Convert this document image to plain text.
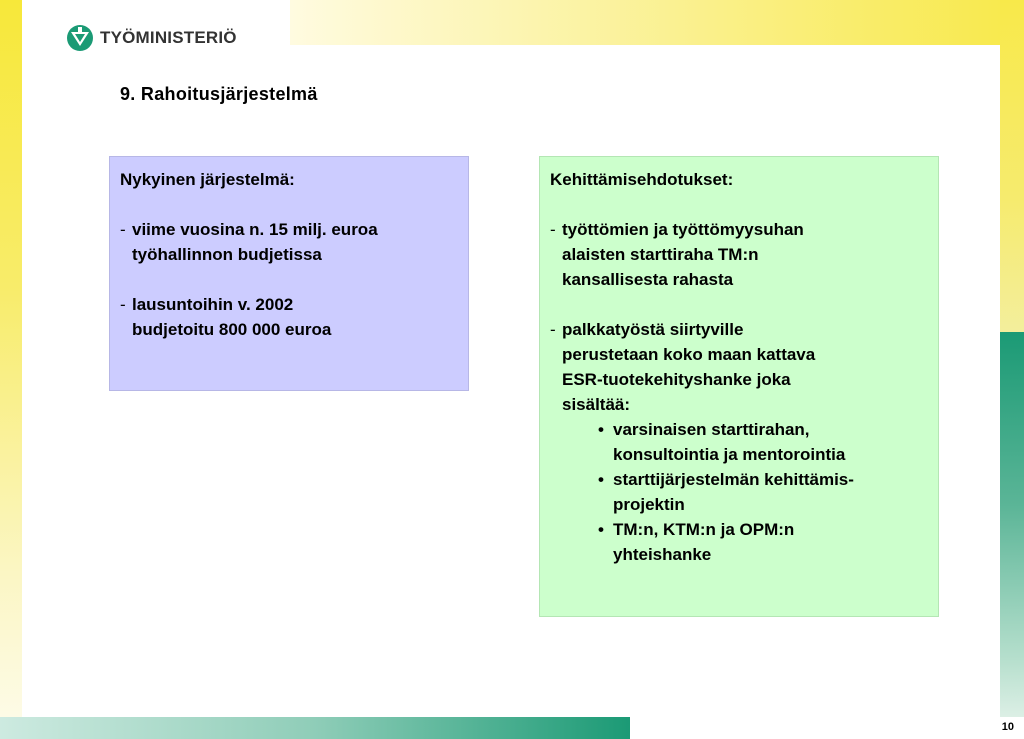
TYÖMINISTERIÖ
9. Rahoitusjärjestelmä
Nykyinen järjestelmä:
- viime vuosina n. 15 milj. euroa
työhallinnon budjetissa
- lausuntoihin v. 2002
budjetoitu 800 000 euroa
Kehittämisehdotukset:
- työttömien ja työttömyysuhan
alaisten starttiraha TM:n
kansallisesta rahasta
- palkkatyöstä siirtyville
perustetaan koko maan kattava
ESR-tuotekehityshanke joka
sisältää:
• varsinaisen starttirahan,
konsultointia ja mentorointia
• starttijärjestelmän kehittämis-
projektin
• TM:n, KTM:n ja OPM:n
yhteishanke
10
